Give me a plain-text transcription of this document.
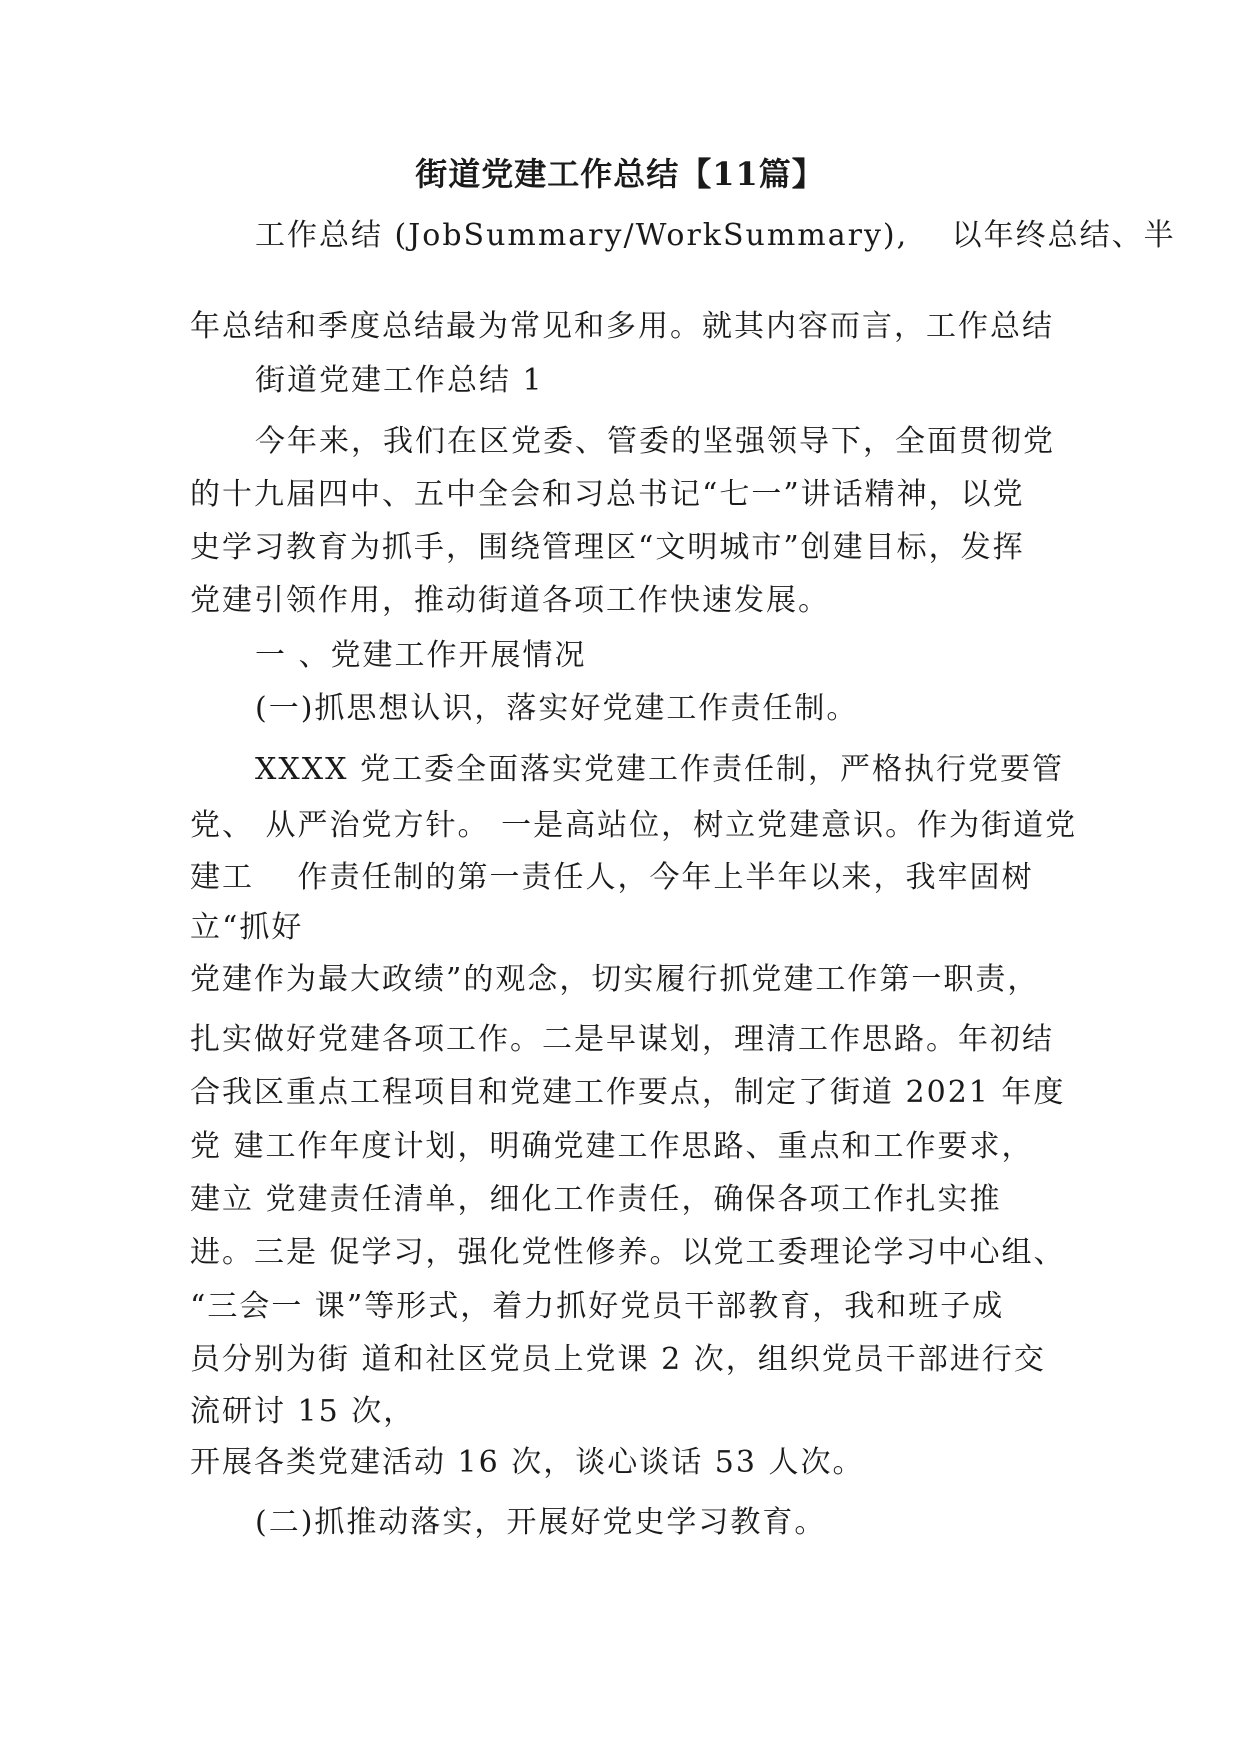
街道党建工作总结【11篇】
工作总结 (JobSummary/WorkSummary),　 以年终总结、半
年总结和季度总结最为常见和多用。就其内容而言，工作总结
街道党建工作总结 1
今年来，我们在区党委、管委的坚强领导下，全面贯彻党
的十九届四中、五中全会和习总书记“七一”讲话精神，以党
史学习教育为抓手，围绕管理区“文明城市”创建目标，发挥
党建引领作用，推动街道各项工作快速发展。
一 、党建工作开展情况
(一)抓思想认识，落实好党建工作责任制。
XXXX 党工委全面落实党建工作责任制，严格执行党要管
党、 从严治党方针。 一是高站位，树立党建意识。作为街道党
建工　 作责任制的第一责任人，今年上半年以来，我牢固树
立“抓好
党建作为最大政绩”的观念，切实履行抓党建工作第一职责，
扎实做好党建各项工作。二是早谋划，理清工作思路。年初结
合我区重点工程项目和党建工作要点，制定了街道 2021 年度
党 建工作年度计划，明确党建工作思路、重点和工作要求，
建立 党建责任清单，细化工作责任，确保各项工作扎实推
进。三是 促学习，强化党性修养。以党工委理论学习中心组、
“三会一 课”等形式，着力抓好党员干部教育，我和班子成
员分别为街 道和社区党员上党课 2 次，组织党员干部进行交
流研讨 15 次，
开展各类党建活动 16 次，谈心谈话 53 人次。
(二)抓推动落实，开展好党史学习教育。
